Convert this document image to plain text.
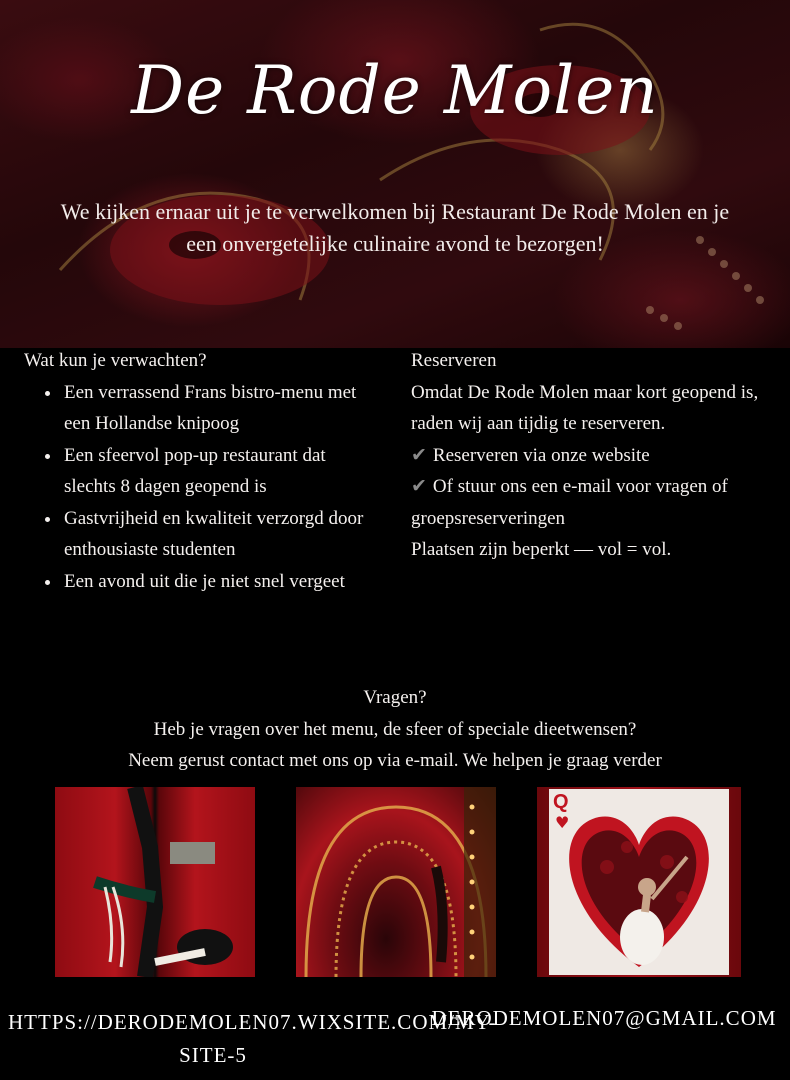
De Rode Molen
We kijken ernaar uit je te verwelkomen bij Restaurant De Rode Molen en je een onvergetelijke culinaire avond te bezorgen!
Wat kun je verwachten?
• Een verrassend Frans bistro-menu met een Hollandse knipoog
• Een sfeervol pop-up restaurant dat slechts 8 dagen geopend is
• Gastvrijheid en kwaliteit verzorgd door enthousiaste studenten
• Een avond uit die je niet snel vergeet
Reserveren
Omdat De Rode Molen maar kort geopend is, raden wij aan tijdig te reserveren.
✔ Reserveren via onze website
✔ Of stuur ons een e-mail voor vragen of groepsreserveringen
Plaatsen zijn beperkt — vol = vol.
Vragen?
Heb je vragen over het menu, de sfeer of speciale dieetwensen?
Neem gerust contact met ons op via e-mail. We helpen je graag verder
Q
♥
HTTPS://DERODEMOLEN07.WIXSITE.COM/MY-SITE-5
DERODEMOLEN07@GMAIL.COM
